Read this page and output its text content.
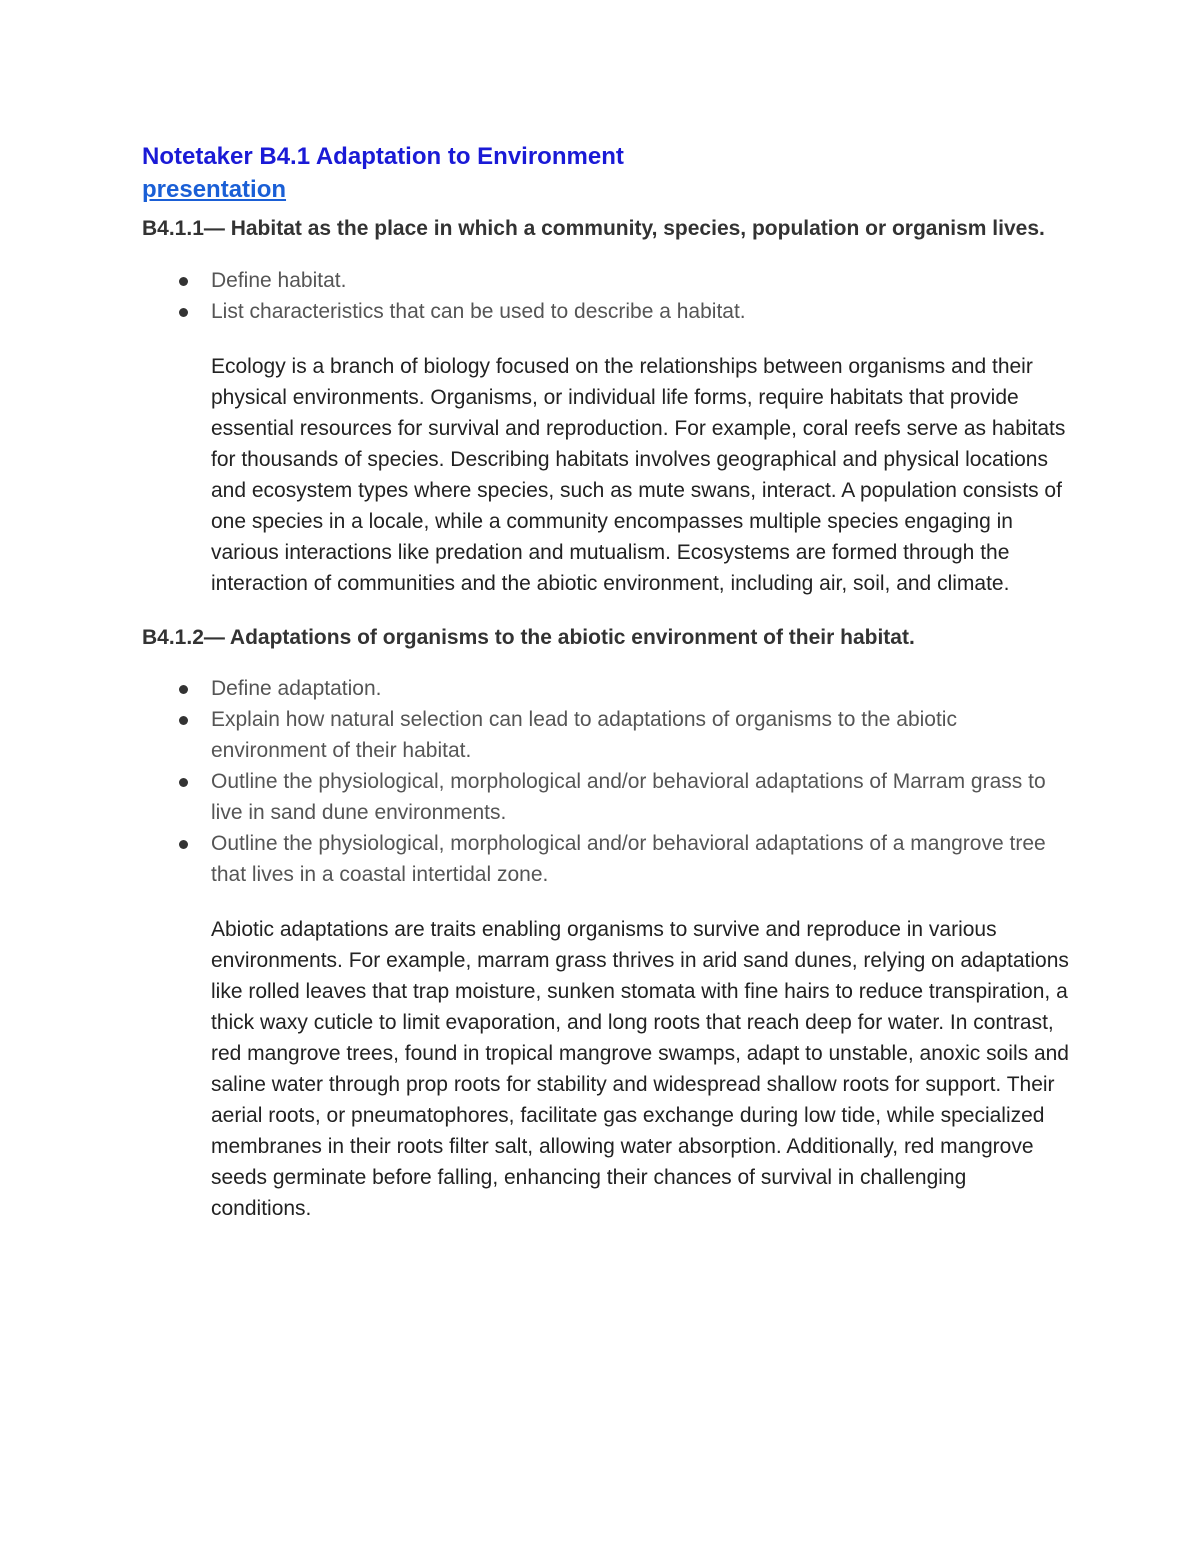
Notetaker B4.1 Adaptation to Environment
presentation
B4.1.1— Habitat as the place in which a community, species, population or organism lives.
Define habitat.
List characteristics that can be used to describe a habitat.

Ecology is a branch of biology focused on the relationships between organisms and their physical environments. Organisms, or individual life forms, require habitats that provide essential resources for survival and reproduction. For example, coral reefs serve as habitats for thousands of species. Describing habitats involves geographical and physical locations and ecosystem types where species, such as mute swans, interact. A population consists of one species in a locale, while a community encompasses multiple species engaging in various interactions like predation and mutualism. Ecosystems are formed through the interaction of communities and the abiotic environment, including air, soil, and climate.

B4.1.2— Adaptations of organisms to the abiotic environment of their habitat.
Define adaptation.
Explain how natural selection can lead to adaptations of organisms to the abiotic environment of their habitat.
Outline the physiological, morphological and/or behavioral adaptations of Marram grass to live in sand dune environments.
Outline the physiological, morphological and/or behavioral adaptations of a mangrove tree that lives in a coastal intertidal zone.

Abiotic adaptations are traits enabling organisms to survive and reproduce in various environments. For example, marram grass thrives in arid sand dunes, relying on adaptations like rolled leaves that trap moisture, sunken stomata with fine hairs to reduce transpiration, a thick waxy cuticle to limit evaporation, and long roots that reach deep for water. In contrast, red mangrove trees, found in tropical mangrove swamps, adapt to unstable, anoxic soils and saline water through prop roots for stability and widespread shallow roots for support. Their aerial roots, or pneumatophores, facilitate gas exchange during low tide, while specialized membranes in their roots filter salt, allowing water absorption. Additionally, red mangrove seeds germinate before falling, enhancing their chances of survival in challenging conditions.
